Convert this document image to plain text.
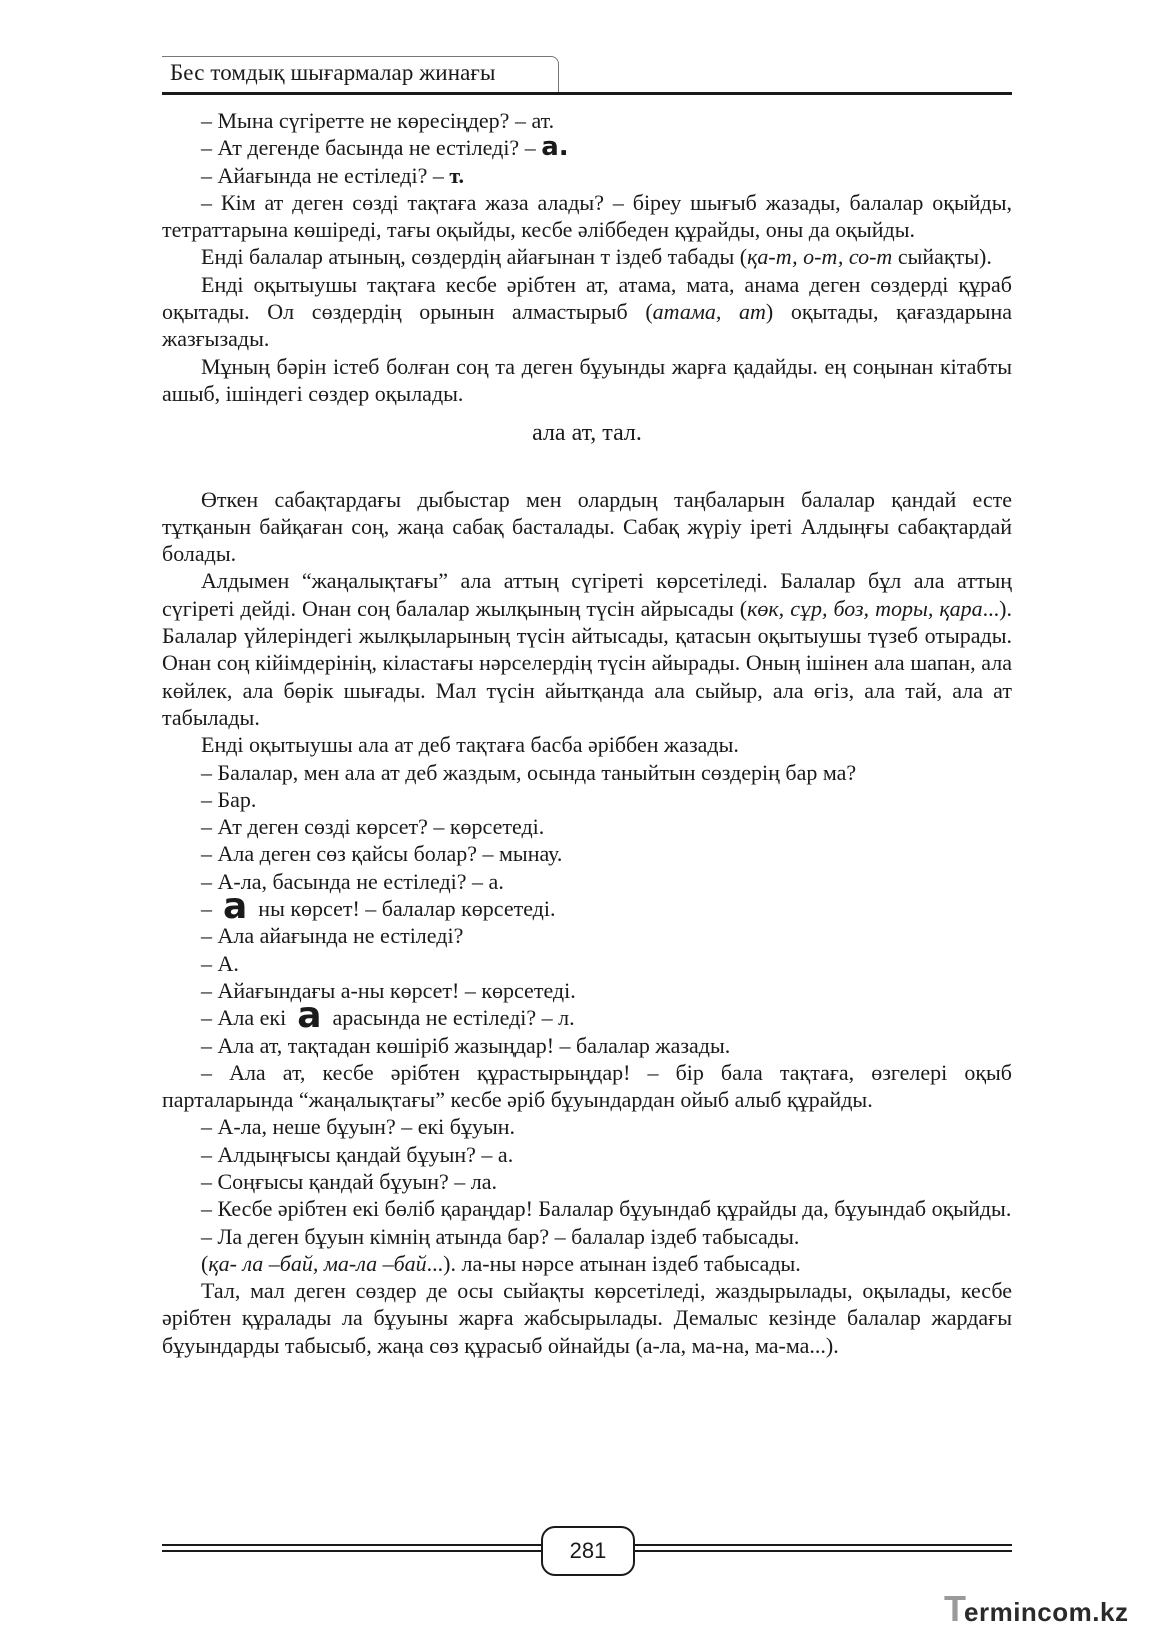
Бес томдық шығармалар жинағы

– Мына сүгіретте не көресіңдер? – ат.

– Ат дегенде басында не естіледі? – а.

– Айағында не естіледі? – т.

– Кім ат деген сөзді тақтаға жаза алады? – біреу шығыб жазады, балалар оқыйды, тетраттарына көшіреді, тағы оқыйды, кесбе әліббеден құрайды, оны да оқыйды.

Енді балалар атының, сөздердің айағынан т іздеб табады (қа-т, о-т, со-т сыйақты).

Енді оқытыушы тақтаға кесбе әрібтен ат, атама, мата, анама деген сөздерді құраб оқытады. Ол сөздердің орынын алмастырыб (атама, ат) оқытады, қағаздарына жазғызады.

Мұның бәрін істеб болған соң та деген бұуынды жарға қадайды. ең соңынан кітабты ашыб, ішіндегі сөздер оқылады.

ала ат, тал.

Өткен сабақтардағы дыбыстар мен олардың таңбаларын балалар қандай есте тұтқанын байқаған соң, жаңа сабақ басталады. Сабақ жүріу іреті Алдыңғы сабақтардай болады.

Алдымен “жаңалықтағы” ала аттың сүгіреті көрсетіледі. Балалар бұл ала аттың сүгіреті дейді. Онан соң балалар жылқының түсін айрысады (көк, сұр, боз, торы, қара...). Балалар үйлеріндегі жылқыларының түсін айтысады, қатасын оқытыушы түзеб отырады. Онан соң кійімдерінің, кіластағы нәрселердің түсін айырады. Оның ішінен ала шапан, ала көйлек, ала бөрік шығады. Мал түсін айытқанда ала сыйыр, ала өгіз, ала тай, ала ат табылады.

Енді оқытыушы ала ат деб тақтаға басба әріббен жазады.

– Балалар, мен ала ат деб жаздым, осында таныйтын сөздерің бар ма?

– Бар.

– Ат деген сөзді көрсет? – көрсетеді.

– Ала деген сөз қайсы болар? – мынау.

– А-ла, басында не естіледі? – а.

– а ны көрсет! – балалар көрсетеді.

– Ала айағында не естіледі?

– А.

– Айағындағы а-ны көрсет! – көрсетеді.

– Ала екі а арасында не естіледі? – л.

– Ала ат, тақтадан көшіріб жазыңдар! – балалар жазады.

– Ала ат, кесбе әрібтен құрастырыңдар! – бір бала тақтаға, өзгелері оқыб парталарында “жаңалықтағы” кесбе әріб бұуындардан ойыб алыб құрайды.

– А-ла, неше бұуын? – екі бұуын.

– Алдыңғысы қандай бұуын? – а.

– Соңғысы қандай бұуын? – ла.

– Кесбе әрібтен екі бөліб қараңдар! Балалар бұуындаб құрайды да, бұуындаб оқыйды.

– Ла деген бұуын кімнің атында бар? – балалар іздеб табысады.

(қа- ла –бай, ма-ла –бай...). ла-ны нәрсе атынан іздеб табысады.

Тал, мал деген сөздер де осы сыйақты көрсетіледі, жаздырылады, оқылады, кесбе әрібтен құралады ла бұуыны жарға жабсырылады. Демалыс кезінде балалар жардағы бұуындарды табысыб, жаңа сөз құрасыб ойнайды (а-ла, ма-на, ма-ма...).

281
T
ermincom.kz
